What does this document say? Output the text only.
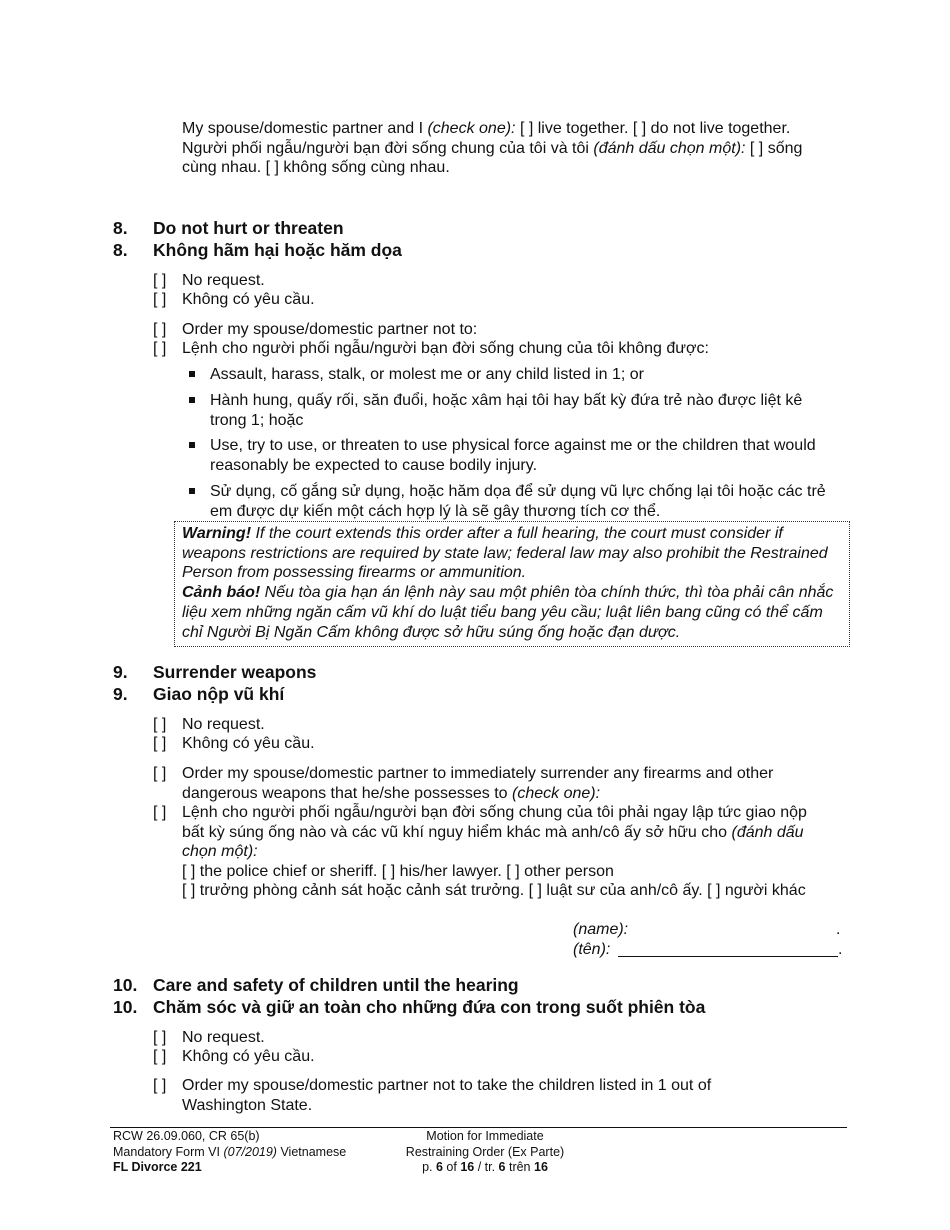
My spouse/domestic partner and I (check one): [ ] live together. [ ] do not live together.
Người phối ngẫu/người bạn đời sống chung của tôi và tôi (đánh dấu chọn một): [ ] sống
cùng nhau. [ ] không sống cùng nhau.
8. Do not hurt or threaten
8. Không hãm hại hoặc hăm dọa
[ ] No request.
[ ] Không có yêu cầu.
[ ] Order my spouse/domestic partner not to:
[ ] Lệnh cho người phối ngẫu/người bạn đời sống chung của tôi không được:
Assault, harass, stalk, or molest me or any child listed in 1; or
Hành hung, quấy rối, săn đuổi, hoặc xâm hại tôi hay bất kỳ đứa trẻ nào được liệt kê trong 1; hoặc
Use, try to use, or threaten to use physical force against me or the children that would reasonably be expected to cause bodily injury.
Sử dụng, cố gắng sử dụng, hoặc hăm dọa để sử dụng vũ lực chống lại tôi hoặc các trẻ em được dự kiến một cách hợp lý là sẽ gây thương tích cơ thể.
Warning! If the court extends this order after a full hearing, the court must consider if weapons restrictions are required by state law; federal law may also prohibit the Restrained Person from possessing firearms or ammunition.
Cảnh báo! Nếu tòa gia hạn án lệnh này sau một phiên tòa chính thức, thì tòa phải cân nhắc liệu xem những ngăn cấm vũ khí do luật tiểu bang yêu cầu; luật liên bang cũng có thể cấm chỉ Người Bị Ngăn Cấm không được sở hữu súng ống hoặc đạn dược.
9. Surrender weapons
9. Giao nộp vũ khí
[ ] No request.
[ ] Không có yêu cầu.
[ ] Order my spouse/domestic partner to immediately surrender any firearms and other dangerous weapons that he/she possesses to (check one):
[ ] Lệnh cho người phối ngẫu/người bạn đời sống chung của tôi phải ngay lập tức giao nộp bất kỳ súng ống nào và các vũ khí nguy hiểm khác mà anh/cô ấy sở hữu cho (đánh dấu chọn một):
[ ] the police chief or sheriff. [ ] his/her lawyer. [ ] other person
[ ] trưởng phòng cảnh sát hoặc cảnh sát trưởng. [ ] luật sư của anh/cô ấy. [ ] người khác
(name):	.
(tên):	.
10. Care and safety of children until the hearing
10. Chăm sóc và giữ an toàn cho những đứa con trong suốt phiên tòa
[ ] No request.
[ ] Không có yêu cầu.
[ ] Order my spouse/domestic partner not to take the children listed in 1 out of Washington State.
RCW 26.09.060, CR 65(b)
Mandatory Form VI (07/2019) Vietnamese
FL Divorce 221
Motion for Immediate
Restraining Order (Ex Parte)
p. 6 of 16 / tr. 6 trên 16
